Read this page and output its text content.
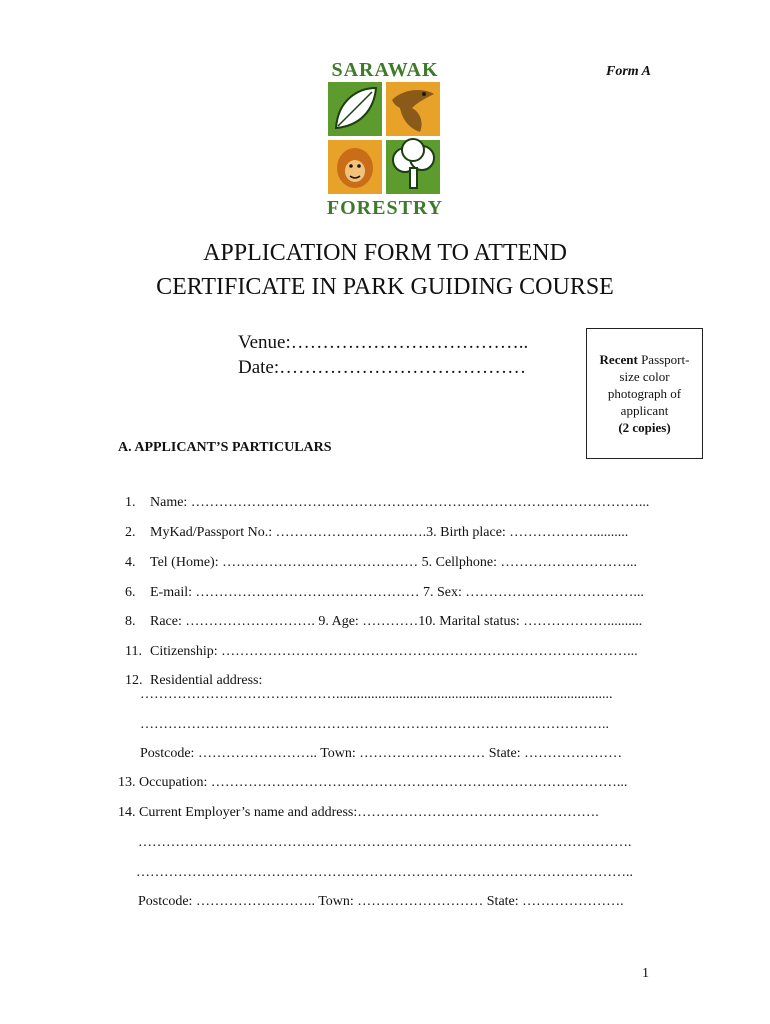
SARAWAK
FORESTRY
Form A
APPLICATION FORM TO ATTEND
CERTIFICATE IN PARK GUIDING COURSE
Venue:………………………………..
Date:…………………………………	Recent Passport-size color photograph of applicant
(2 copies)
A. APPLICANT’S PARTICULARS

1. Name: ……………………………………………………………………………………...

2. MyKad/Passport No.: ………………………..….3. Birth place: ………………..........

4. Tel (Home): …………………………………… 5. Cellphone: ………………………...

6. E-mail: ………………………………………… 7. Sex: ………………………………...

8. Race: ………………………. 9. Age: …………10. Marital status: ………………..........

11. Citizenship: ……………………………………………………………………………...

12. Residential address:

……………………………………...............................................................................
………………………………………………………………………………………..
Postcode: …………………….. Town: ……………………… State: …………………
13. Occupation: ……………………………………………………………………………...
14. Current Employer’s name and address:…………………………………………….
…………………………………………………………………………………………….
……………………………………………………………………………………………..
Postcode: …………………….. Town: ……………………… State: ………………….
1
